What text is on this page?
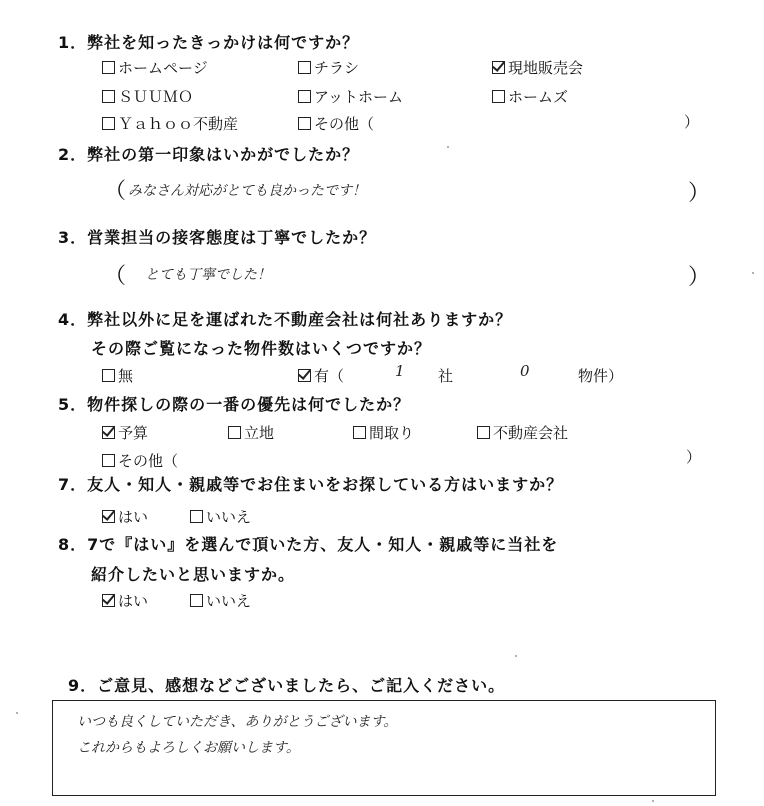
1．弊社を知ったきっかけは何ですか？
ホームページ	チラシ	現地販売会
ＳＵＵＭＯ	アットホーム	ホームズ
Ｙａｈｏｏ不動産	その他（	）
2．弊社の第一印象はいかがでしたか？
（ みなさん対応がとても良かったです！	）
3．営業担当の接客態度は丁寧でしたか？
（ とても丁寧でした！	）
4．弊社以外に足を運ばれた不動産会社は何社ありますか？
その際ご覧になった物件数はいくつですか？
無	有（	1 社	0	物件）
5．物件探しの際の一番の優先は何でしたか？
予算	立地	間取り	不動産会社
その他（	）
7．友人・知人・親戚等でお住まいをお探している方はいますか？
はい	いいえ
8．7で『はい』を選んで頂いた方、友人・知人・親戚等に当社を
紹介したいと思いますか。
はい	いいえ
9．ご意見、感想などございましたら、ご記入ください。
いつも良くしていただき、ありがとうございます。
これからもよろしくお願いします。
